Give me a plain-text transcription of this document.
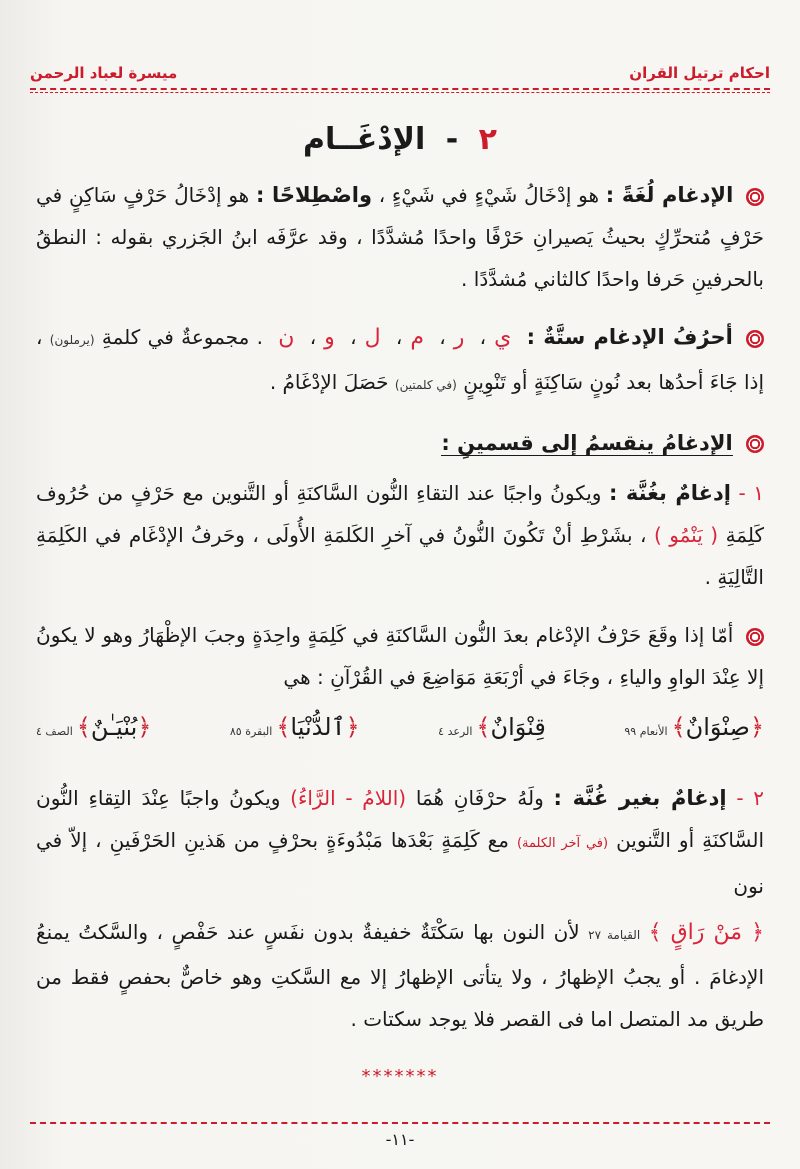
احكام ترتيل القران
ميسرة لعباد الرحمن
٢ - الإدْغَــام

الإدغام لُغَةً : هو إدْخَالُ شَيْءٍ في شَيْءٍ ، واصْطِلاحًا : هو إدْخَالُ حَرْفٍ سَاكِنٍ في حَرْفٍ مُتحرِّكٍ بحيثُ يَصيرانِ حَرْفًا واحدًا مُشدَّدًا ، وقد عرَّفَه ابنُ الجَزري بقوله : النطقُ بالحرفينِ حَرفا واحدًا كالثاني مُشدَّدًا .

أحرُفُ الإدغام ستَّةٌ : ي، ر، م، ل، و، ن . مجموعةٌ في كلمةِ (يرملون) ، إذا جَاءَ أحدُها بعد نُونٍ سَاكِنَةٍ أو تَنْوِينٍ (في كلمتين) حَصَلَ الإدْغَامُ .

الإدغامُ ينقسمُ إلى قسمينِ :

١ - إدغامٌ بغُنَّة : ويكونُ واجبًا عند التقاءِ النُّون السَّاكنَةِ أو التَّنوين مع حَرْفٍ من حُرُوف كَلِمَةِ ( يَنْمُو ) ، بشَرْطِ أنْ تَكُونَ النُّونُ في آخرِ الكَلمَةِ الأُولَى ، وحَرفُ الإدْغَام في الكَلِمَةِ التَّالِيَةِ .

أمّا إذا وقَعَ حَرْفُ الإدْغام بعدَ النُّون السَّاكنَةِ في كَلِمَةٍ واحِدَةٍ وجبَ الإظْهَارُ وهو لا يكونُ إلا عِنْدَ الواوِ والياءِ ، وجَاءَ في أرْبَعَةِ مَوَاضِعَ في القُرْآنِ : هي

﴿صِنْوَانٌ﴾الأنعام ٩٩
قِنْوَانٌ﴾الرعد ٤
﴿ٱلدُّنْيَا﴾البقرة ٨٥
﴿بُنْيَـٰنٌ﴾الصف ٤

٢ - إدغامٌ بغير غُنَّة : ولَهُ حرْفَانِ هُمَا (اللامُ - الرَّاءُ) ويكونُ واجبًا عِنْدَ التِقاءِ النُّون السَّاكنَةِ أو التَّنوين (في آخر الكلمة) مع كَلِمَةٍ بَعْدَها مَبْدُوءَةٍ بحرْفٍ من هَذينِ الحَرْفَينِ ، إلاّ في نون

﴿ مَنْ رَاقٍ ﴾ القيامة ٢٧ لأن النون بها سَكْتَةٌ خفيفةٌ بدون نفَسٍ عند حَفْصٍ ، والسَّكتُ يمنعُ الإدغامَ . أو يجبُ الإظهارُ ، ولا يتأتى الإظهارُ إلا مع السَّكتِ وهو خاصٌّ بحفصٍ فقط من طريق مد المتصل اما فى القصر فلا يوجد سكتات .

*******
-١١-
